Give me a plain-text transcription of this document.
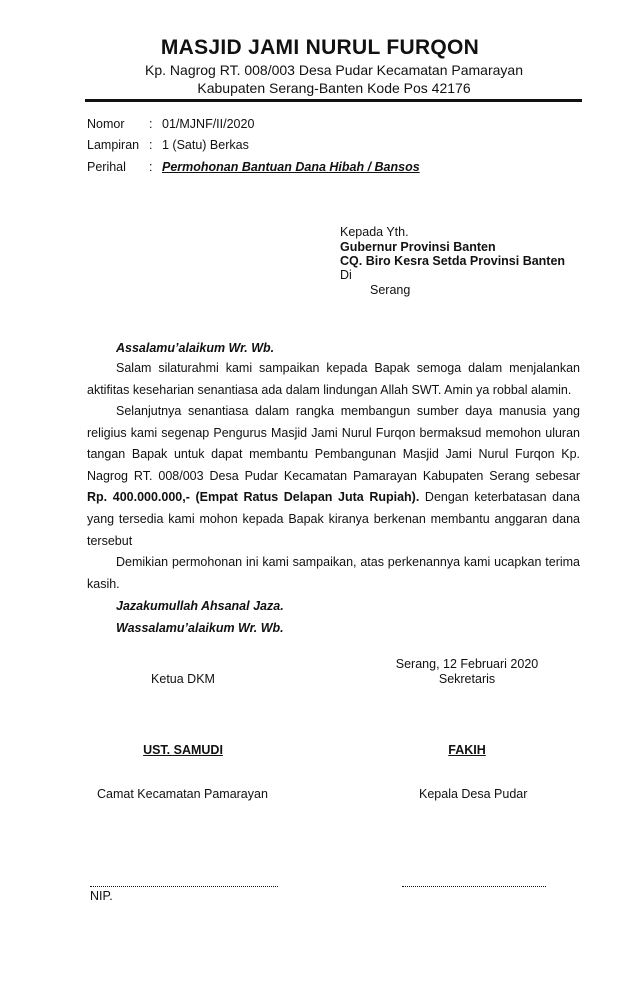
MASJID JAMI NURUL FURQON
Kp. Nagrog RT. 008/003 Desa Pudar Kecamatan Pamarayan
Kabupaten Serang-Banten Kode Pos 42176
Nomor : 01/MJNF/II/2020
Lampiran : 1 (Satu) Berkas
Perihal : Permohonan Bantuan Dana Hibah / Bansos
Kepada Yth.
Gubernur Provinsi Banten
CQ. Biro Kesra Setda Provinsi Banten
Di
Serang
Assalamu’alaikum Wr. Wb.
Salam silaturahmi kami sampaikan kepada Bapak semoga dalam menjalankan aktifitas keseharian senantiasa ada dalam lindungan Allah SWT. Amin ya robbal alamin.
Selanjutnya senantiasa dalam rangka membangun sumber daya manusia yang religius kami segenap Pengurus Masjid Jami Nurul Furqon bermaksud memohon uluran tangan Bapak untuk dapat membantu Pembangunan Masjid Jami Nurul Furqon Kp. Nagrog RT. 008/003 Desa Pudar Kecamatan Pamarayan Kabupaten Serang sebesar Rp. 400.000.000,- (Empat Ratus Delapan Juta Rupiah). Dengan keterbatasan dana yang tersedia kami mohon kepada Bapak kiranya berkenan membantu anggaran dana tersebut
Demikian permohonan ini kami sampaikan, atas perkenannya kami ucapkan terima kasih.
Jazakumullah Ahsanal Jaza.
Wassalamu’alaikum Wr. Wb.
Serang, 12 Februari 2020
Ketua DKM	Sekretaris
UST. SAMUDI	FAKIH
Camat Kecamatan Pamarayan	Kepala Desa Pudar
NIP.
